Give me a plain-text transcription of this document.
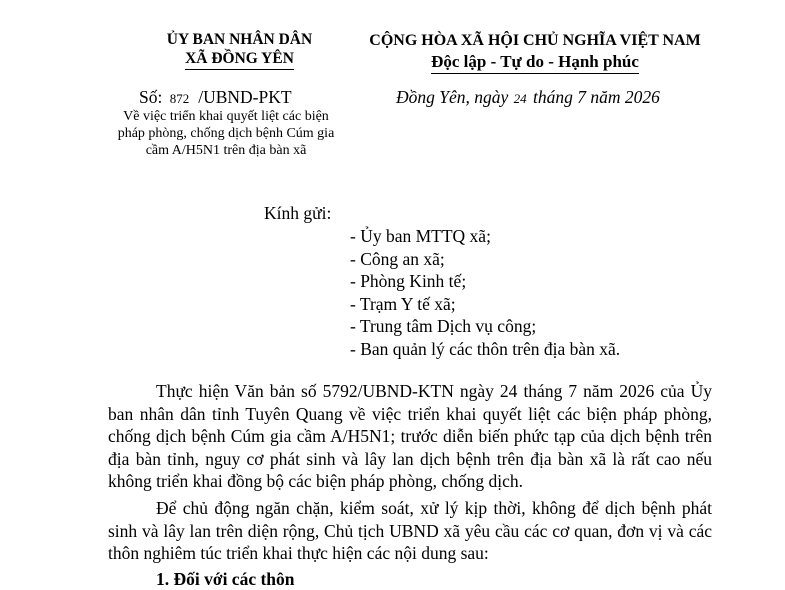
ỦY BAN NHÂN DÂN
XÃ ĐỒNG YÊN
CỘNG HÒA XÃ HỘI CHỦ NGHĨA VIỆT NAM
Độc lập - Tự do - Hạnh phúc
Số: 872 /UBND-PKT	Đồng Yên, ngày 24 tháng 7 năm 2026
Về việc triển khai quyết liệt các biện pháp phòng, chống dịch bệnh Cúm gia cầm A/H5N1 trên địa bàn xã
Kính gửi:
- Ủy ban MTTQ xã;
- Công an xã;
- Phòng Kinh tế;
- Trạm Y tế xã;
- Trung tâm Dịch vụ công;
- Ban quản lý các thôn trên địa bàn xã.

Thực hiện Văn bản số 5792/UBND-KTN ngày 24 tháng 7 năm 2026 của Ủy ban nhân dân tỉnh Tuyên Quang về việc triển khai quyết liệt các biện pháp phòng, chống dịch bệnh Cúm gia cầm A/H5N1; trước diễn biến phức tạp của dịch bệnh trên địa bàn tỉnh, nguy cơ phát sinh và lây lan dịch bệnh trên địa bàn xã là rất cao nếu không triển khai đồng bộ các biện pháp phòng, chống dịch.

Để chủ động ngăn chặn, kiểm soát, xử lý kịp thời, không để dịch bệnh phát sinh và lây lan trên diện rộng, Chủ tịch UBND xã yêu cầu các cơ quan, đơn vị và các thôn nghiêm túc triển khai thực hiện các nội dung sau:

1. Đối với các thôn
